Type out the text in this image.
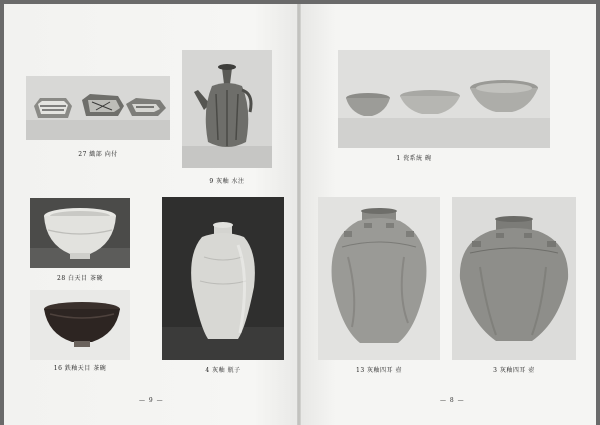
27 織部 向付
9 灰釉 水注
28 白天目 茶碗
16 鉄釉天目 茶碗	4 灰釉 瓶子
— 9 —
1 瓷系統 碗
13 灰釉四耳 壺	3 灰釉四耳 壺
— 8 —
